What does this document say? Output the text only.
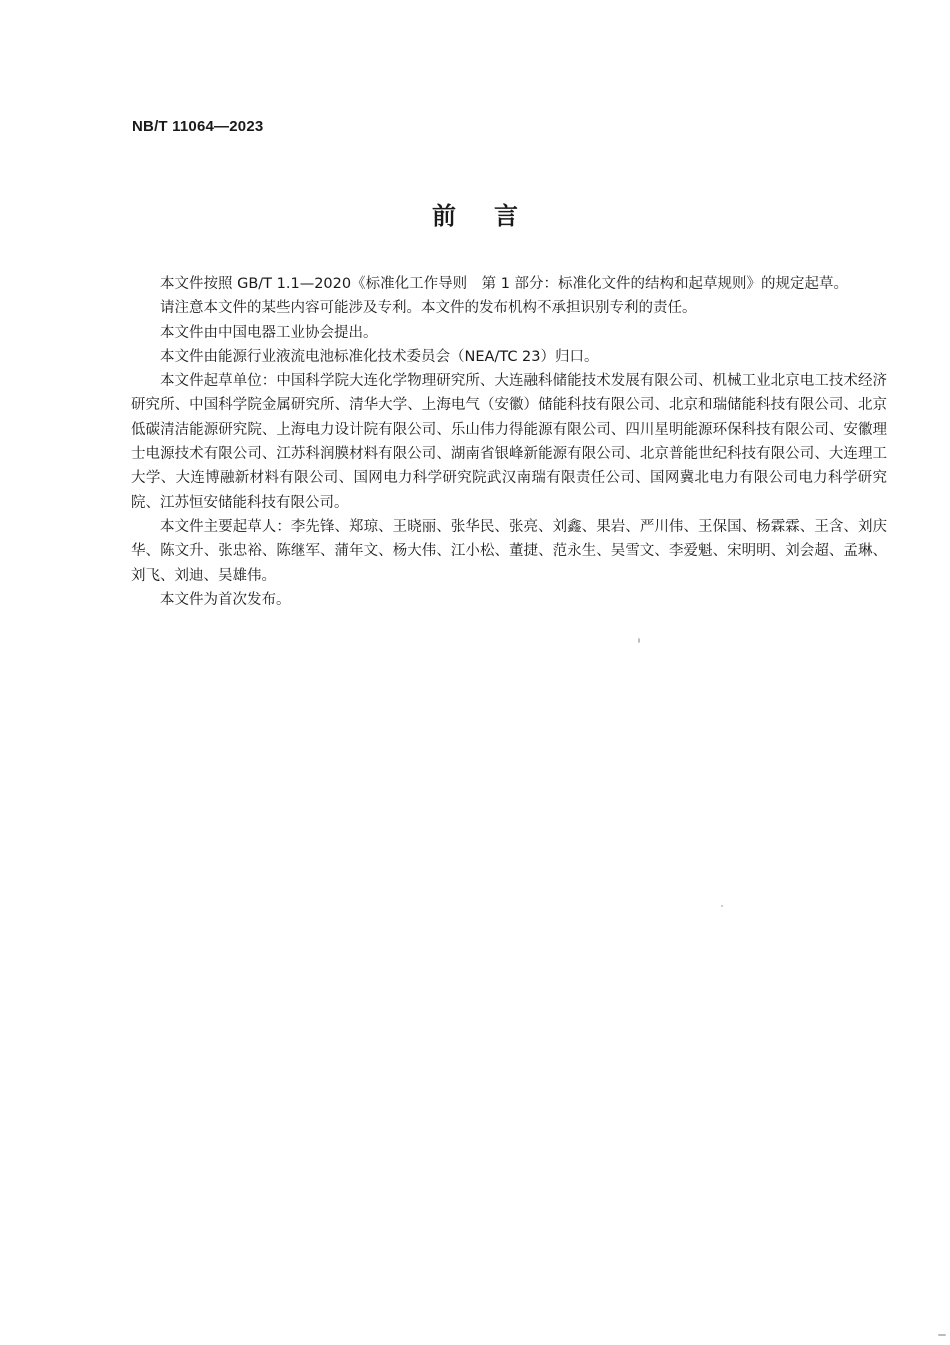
NB/T 11064—2023
前言

本文件按照 GB/T 1.1—2020《标准化工作导则　第 1 部分：标准化文件的结构和起草规则》的规定起草。

请注意本文件的某些内容可能涉及专利。本文件的发布机构不承担识别专利的责任。

本文件由中国电器工业协会提出。

本文件由能源行业液流电池标准化技术委员会（NEA/TC 23）归口。

本文件起草单位：中国科学院大连化学物理研究所、大连融科储能技术发展有限公司、机械工业北京电工技术经济研究所、中国科学院金属研究所、清华大学、上海电气（安徽）储能科技有限公司、北京和瑞储能科技有限公司、北京低碳清洁能源研究院、上海电力设计院有限公司、乐山伟力得能源有限公司、四川星明能源环保科技有限公司、安徽理士电源技术有限公司、江苏科润膜材料有限公司、湖南省银峰新能源有限公司、北京普能世纪科技有限公司、大连理工大学、大连博融新材料有限公司、国网电力科学研究院武汉南瑞有限责任公司、国网冀北电力有限公司电力科学研究院、江苏恒安储能科技有限公司。

本文件主要起草人：李先锋、郑琼、王晓丽、张华民、张亮、刘鑫、果岩、严川伟、王保国、杨霖霖、王含、刘庆华、陈文升、张忠裕、陈继军、蒲年文、杨大伟、江小松、董捷、范永生、吴雪文、李爱魁、宋明明、刘会超、孟琳、刘飞、刘迪、吴雄伟。

本文件为首次发布。
